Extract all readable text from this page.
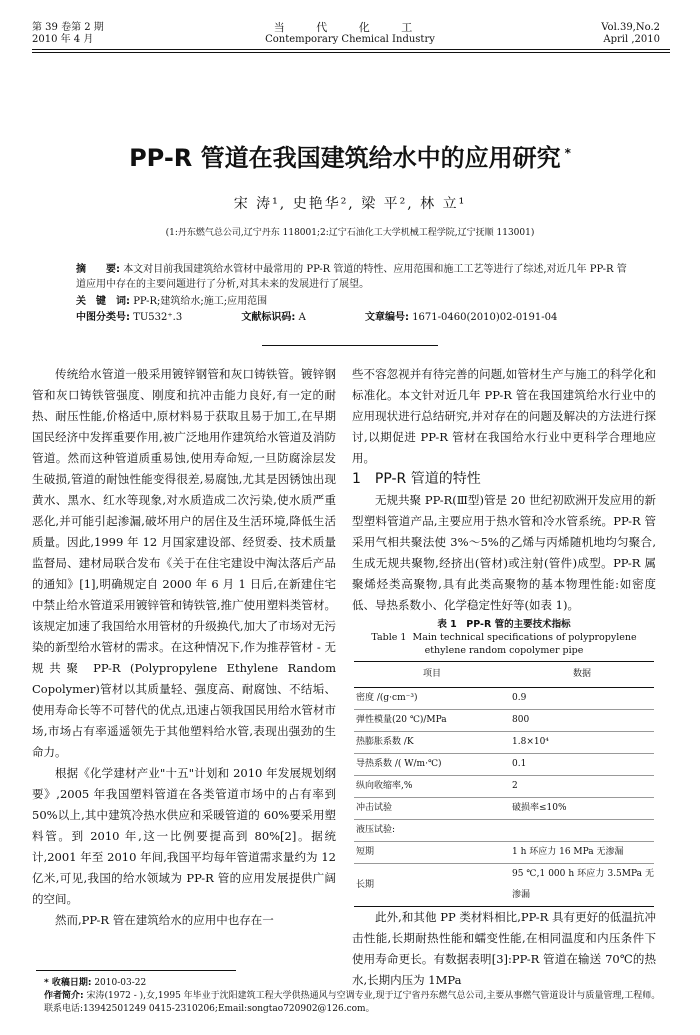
第 39 卷第 2 期
2010 年 4 月
当 代 化 工
Contemporary Chemical Industry
Vol.39,No.2
April ,2010
PP-R 管道在我国建筑给水中的应用研究 *
宋 涛¹, 史艳华², 梁 平², 林 立¹
(1:丹东燃气总公司,辽宁丹东 118001;2:辽宁石油化工大学机械工程学院,辽宁抚顺 113001)
摘　　要: 本文对目前我国建筑给水管材中最常用的 PP-R 管道的特性、应用范围和施工工艺等进行了综述,对近几年 PP-R 管道应用中存在的主要问题进行了分析,对其未来的发展进行了展望。
关　键　词: PP-R;建筑给水;施工;应用范围
中图分类号: TU532⁺.3	文献标识码: A	文章编号: 1671-0460(2010)02-0191-04

传统给水管道一般采用镀锌钢管和灰口铸铁管。镀锌钢管和灰口铸铁管强度、刚度和抗冲击能力良好,有一定的耐热、耐压性能,价格适中,原材料易于获取且易于加工,在早期国民经济中发挥重要作用,被广泛地用作建筑给水管道及消防管道。然而这种管道质重易蚀,使用寿命短,一旦防腐涂层发生破损,管道的耐蚀性能变得很差,易腐蚀,尤其是因锈蚀出现黄水、黑水、红水等现象,对水质造成二次污染,使水质严重恶化,并可能引起渗漏,破坏用户的居住及生活环境,降低生活质量。因此,1999 年 12 月国家建设部、经贸委、技术质量监督局、建材局联合发布《关于在住宅建设中淘汰落后产品的通知》[1],明确规定自 2000 年 6 月 1 日后,在新建住宅中禁止给水管道采用镀锌管和铸铁管,推广使用塑料类管材。该规定加速了我国给水用管材的升级换代,加大了市场对无污染的新型给水管材的需求。在这种情况下,作为推荐管材 - 无规共聚 PP-R (Polypropylene Ethylene Random Copolymer)管材以其质量轻、强度高、耐腐蚀、不结垢、使用寿命长等不可替代的优点,迅速占领我国民用给水管材市场,市场占有率遥遥领先于其他塑料给水管,表现出强劲的生命力。

根据《化学建材产业"十五"计划和 2010 年发展规划纲要》,2005 年我国塑料管道在各类管道市场中的占有率到 50%以上,其中建筑冷热水供应和采暖管道的 60%要采用塑料管。到 2010 年,这一比例要提高到 80%[2]。据统计,2001 年至 2010 年间,我国平均每年管道需求量约为 12 亿米,可见,我国的给水领域为 PP-R 管的应用发展提供广阔的空间。

然而,PP-R 管在建筑给水的应用中也存在一

些不容忽视并有待完善的问题,如管材生产与施工的科学化和标准化。本文针对近几年 PP-R 管在我国建筑给水行业中的应用现状进行总结研究,并对存在的问题及解决的方法进行探讨,以期促进 PP-R 管材在我国给水行业中更科学合理地应用。

1　PP-R 管道的特性

无规共聚 PP-R(Ⅲ型)管是 20 世纪初欧洲开发应用的新型塑料管道产品,主要应用于热水管和冷水管系统。PP-R 管采用气相共聚法使 3%～5%的乙烯与丙烯随机地均匀聚合,生成无规共聚物,经挤出(管材)或注射(管件)成型。PP-R 属聚烯烃类高聚物,具有此类高聚物的基本物理性能:如密度低、导热系数小、化学稳定性好等(如表 1)。

表 1　PP-R 管的主要技术指标
Table 1 Main technical specifications of polypropylene ethylene random copolymer pipe
项目	数据
密度 /(g·cm⁻³)	0.9
弹性模量(20 ℃)/MPa	800
热膨胀系数 /K	1.8×10⁴
导热系数 /( W/m·℃)	0.1
纵向收缩率,%	2
冲击试验	破损率≤10%
液压试验:	
短期	1 h 环应力 16 MPa 无渗漏
长期	95 ℃,1 000 h 环应力 3.5MPa 无渗漏

此外,和其他 PP 类材料相比,PP-R 具有更好的低温抗冲击性能,长期耐热性能和蠕变性能,在相同温度和内压条件下使用寿命更长。有数据表明[3]:PP-R 管道在输送 70℃的热水,长期内压为 1MPa

* 收稿日期: 2010-03-22
作者简介: 宋涛(1972 - ),女,1995 年毕业于沈阳建筑工程大学供热通风与空调专业,现于辽宁省丹东燃气总公司,主要从事燃气管道设计与质量管理,工程师。联系电话:13942501249 0415-2310206;Email:songtao720902@126.com。
